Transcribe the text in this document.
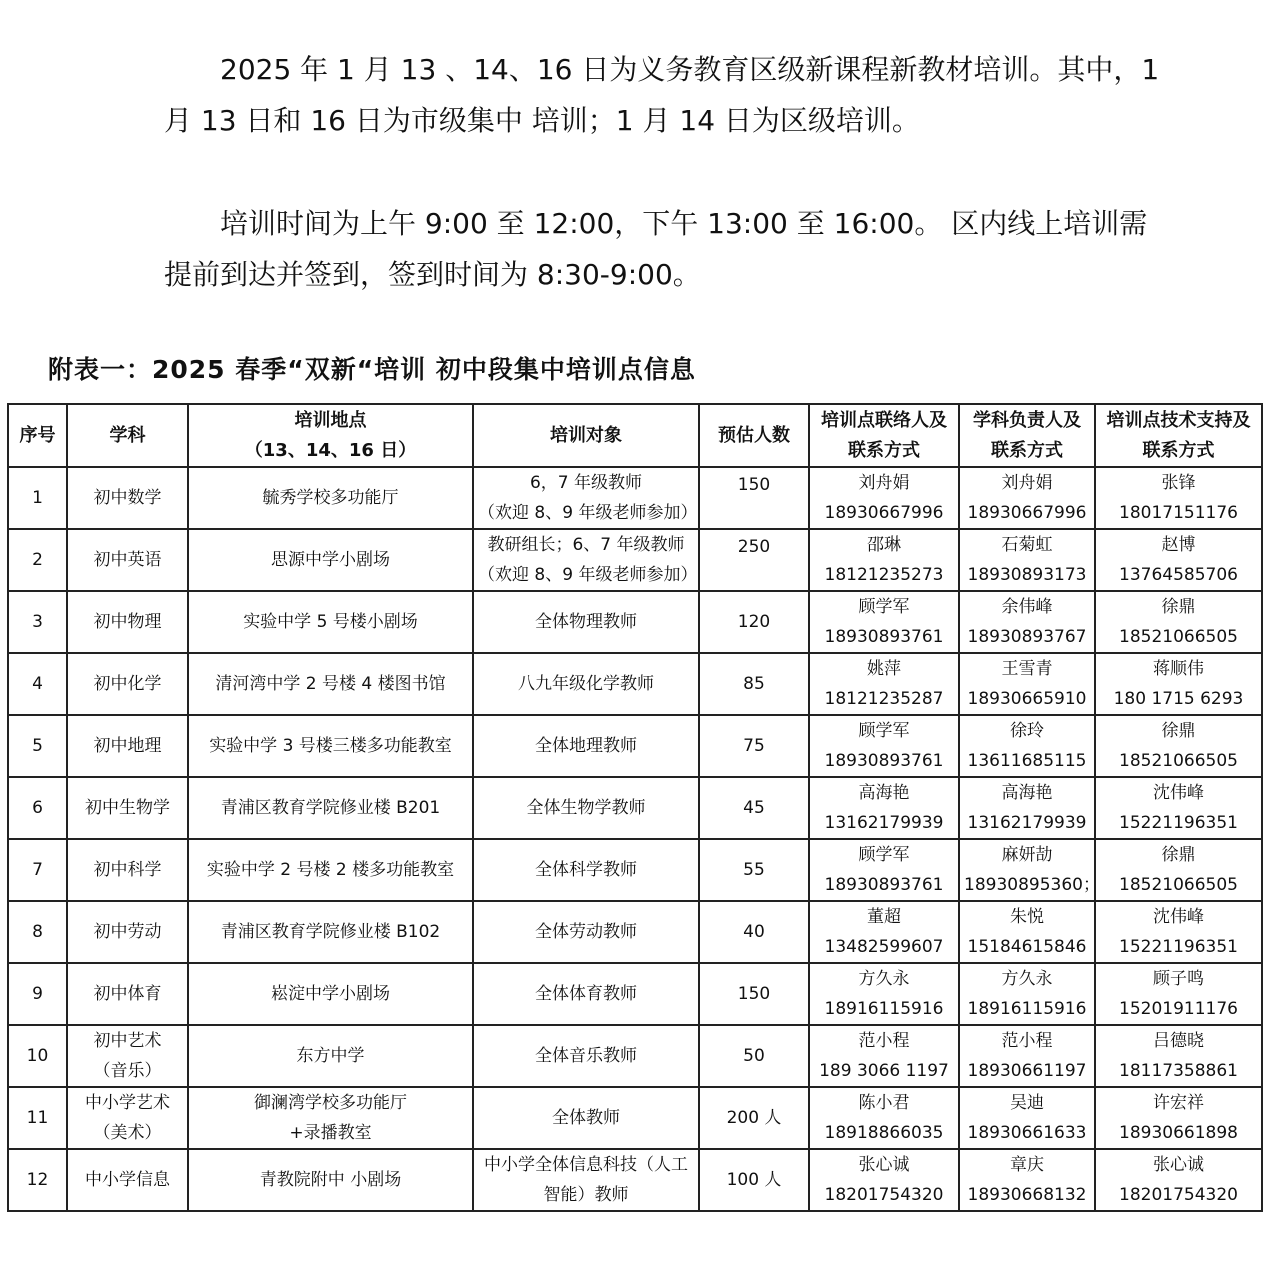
2025 年 1 月 13 、14、16 日为义务教育区级新课程新教材培训。其中，1 月 13 日和 16 日为市级集中 培训；1 月 14 日为区级培训。

培训时间为上午 9:00 至 12:00，下午 13:00 至 16:00。 区内线上培训需提前到达并签到，签到时间为 8:30-9:00。

附表一：2025 春季“双新“培训 初中段集中培训点信息

序号	学科	培训地点
（13、14、16 日）	培训对象	预估人数	培训点联络人及
联系方式	学科负责人及
联系方式	培训点技术支持及
联系方式

1	初中数学	毓秀学校多功能厅	6，7 年级教师
（欢迎 8、9 年级老师参加）	150	刘舟娟
18930667996	刘舟娟
18930667996	张锋
18017151176

2	初中英语	思源中学小剧场	教研组长；6、7 年级教师
（欢迎 8、9 年级老师参加）	250	邵琳
18121235273	石菊虹
18930893173	赵博
13764585706

3	初中物理	实验中学 5 号楼小剧场	全体物理教师	120	顾学军
18930893761	余伟峰
18930893767	徐鼎
18521066505

4	初中化学	清河湾中学 2 号楼 4 楼图书馆	八九年级化学教师	85	姚萍
18121235287	王雪青
18930665910	蒋顺伟
180 1715 6293

5	初中地理	实验中学 3 号楼三楼多功能教室	全体地理教师	75	顾学军
18930893761	徐玲
13611685115	徐鼎
18521066505

6	初中生物学	青浦区教育学院修业楼 B201	全体生物学教师	45	高海艳
13162179939	高海艳
13162179939	沈伟峰
15221196351

7	初中科学	实验中学 2 号楼 2 楼多功能教室	全体科学教师	55	顾学军
18930893761	麻妍劼
18930895360；	徐鼎
18521066505

8	初中劳动	青浦区教育学院修业楼 B102	全体劳动教师	40	董超
13482599607	朱悦
15184615846	沈伟峰
15221196351

9	初中体育	崧淀中学小剧场	全体体育教师	150	方久永
18916115916	方久永
18916115916	顾子鸣
15201911176

10	初中艺术
（音乐）	东方中学	全体音乐教师	50	范小程
189 3066 1197	范小程
18930661197	吕德晓
18117358861

11	中小学艺术
（美术）	御澜湾学校多功能厅
+录播教室	全体教师	200 人	陈小君
18918866035	吴迪
18930661633	许宏祥
18930661898

12	中小学信息	青教院附中 小剧场	中小学全体信息科技（人工
智能）教师	100 人	张心诚
18201754320	章庆
18930668132	张心诚
18201754320
